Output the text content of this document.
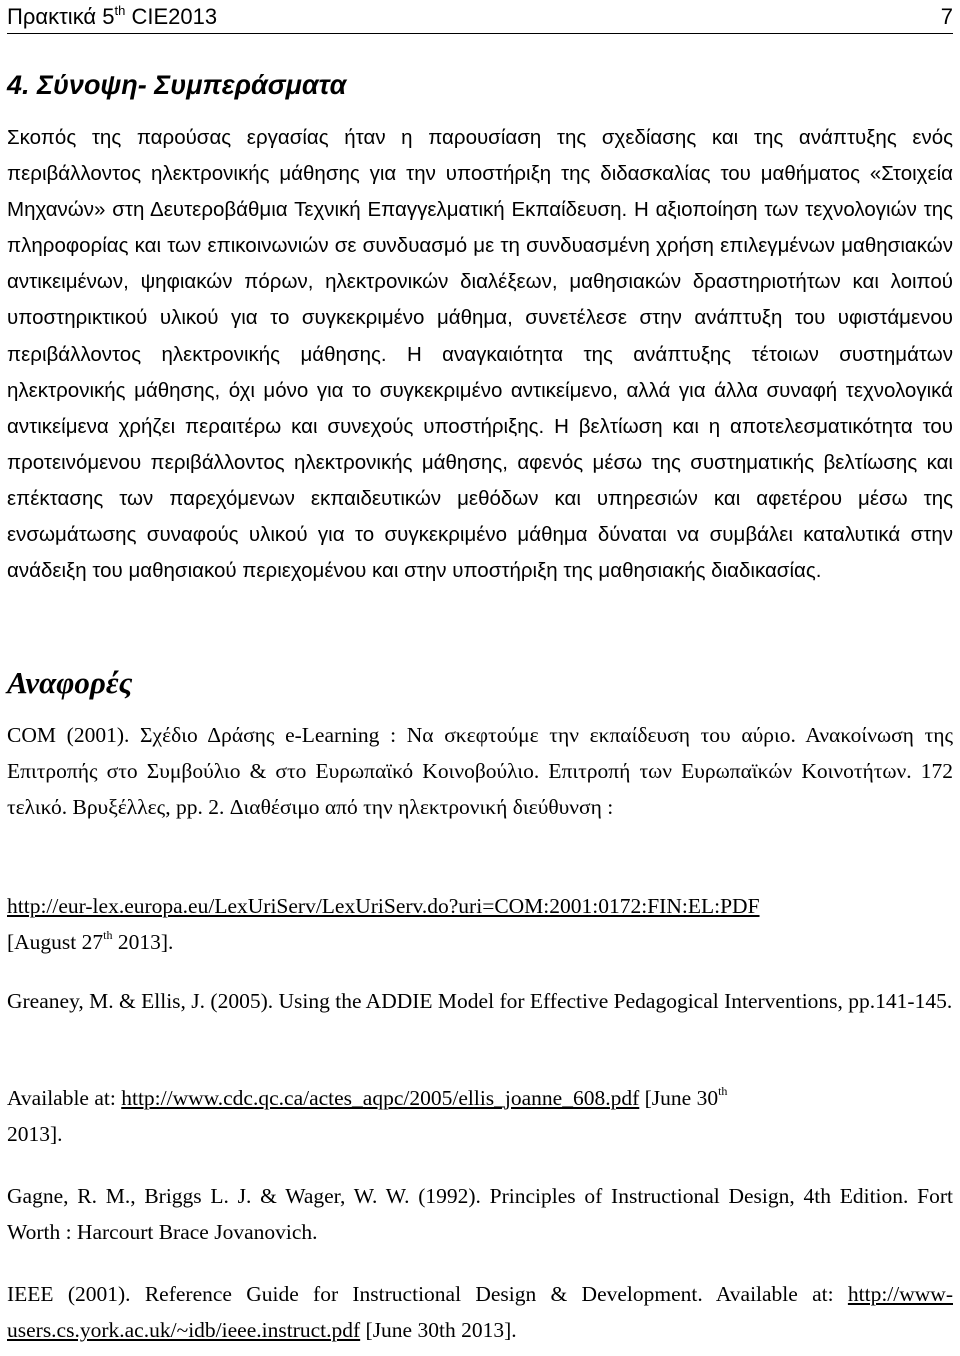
Πρακτικά 5th CIE2013	7
4. Σύνοψη- Συμπεράσματα

Σκοπός της παρούσας εργασίας ήταν η παρουσίαση της σχεδίασης και της ανάπτυξης ενός περιβάλλοντος ηλεκτρονικής μάθησης για την υποστήριξη της διδασκαλίας του μαθήματος «Στοιχεία Μηχανών» στη Δευτεροβάθμια Τεχνική Επαγγελματική Εκπαίδευση. Η αξιοποίηση των τεχνολογιών της πληροφορίας και των επικοινωνιών σε συνδυασμό με τη συνδυασμένη χρήση επιλεγμένων μαθησιακών αντικειμένων, ψηφιακών πόρων, ηλεκτρονικών διαλέξεων, μαθησιακών δραστηριοτήτων και λοιπού υποστηρικτικού υλικού για το συγκεκριμένο μάθημα, συνετέλεσε στην ανάπτυξη του υφιστάμενου περιβάλλοντος ηλεκτρονικής μάθησης. Η αναγκαιότητα της ανάπτυξης τέτοιων συστημάτων ηλεκτρονικής μάθησης, όχι μόνο για το συγκεκριμένο αντικείμενο, αλλά για άλλα συναφή τεχνολογικά αντικείμενα χρήζει περαιτέρω και συνεχούς υποστήριξης. Η βελτίωση και η αποτελεσματικότητα του προτεινόμενου περιβάλλοντος ηλεκτρονικής μάθησης, αφενός μέσω της συστηματικής βελτίωσης και επέκτασης των παρεχόμενων εκπαιδευτικών μεθόδων και υπηρεσιών και αφετέρου μέσω της ενσωμάτωσης συναφούς υλικού για το συγκεκριμένο μάθημα δύναται να συμβάλει καταλυτικά στην ανάδειξη του μαθησιακού περιεχομένου και στην υποστήριξη της μαθησιακής διαδικασίας.

Αναφορές

COM (2001). Σχέδιο Δράσης e-Learning : Να σκεφτούμε την εκπαίδευση του αύριο. Ανακοίνωση της Επιτροπής στο Συμβούλιο & στο Ευρωπαϊκό Κοινοβούλιο. Επιτροπή των Ευρωπαϊκών Κοινοτήτων. 172 τελικό. Βρυξέλλες, pp. 2. Διαθέσιμο από την ηλεκτρονική διεύθυνση :

http://eur-lex.europa.eu/LexUriServ/LexUriServ.do?uri=COM:2001:0172:FIN:EL:PDF
[August 27th 2013].

Greaney, M. & Ellis, J. (2005). Using the ADDIE Model for Effective Pedagogical Interventions, pp.141-145.

Available at: http://www.cdc.qc.ca/actes_aqpc/2005/ellis_joanne_608.pdf [June 30th
2013].

Gagne, R. M., Briggs L. J. & Wager, W. W. (1992). Principles of Instructional Design, 4th Edition. Fort Worth : Harcourt Brace Jovanovich.

IEEE (2001). Reference Guide for Instructional Design & Development. Available at: http://www-users.cs.york.ac.uk/~idb/ieee.instruct.pdf [June 30th 2013].
